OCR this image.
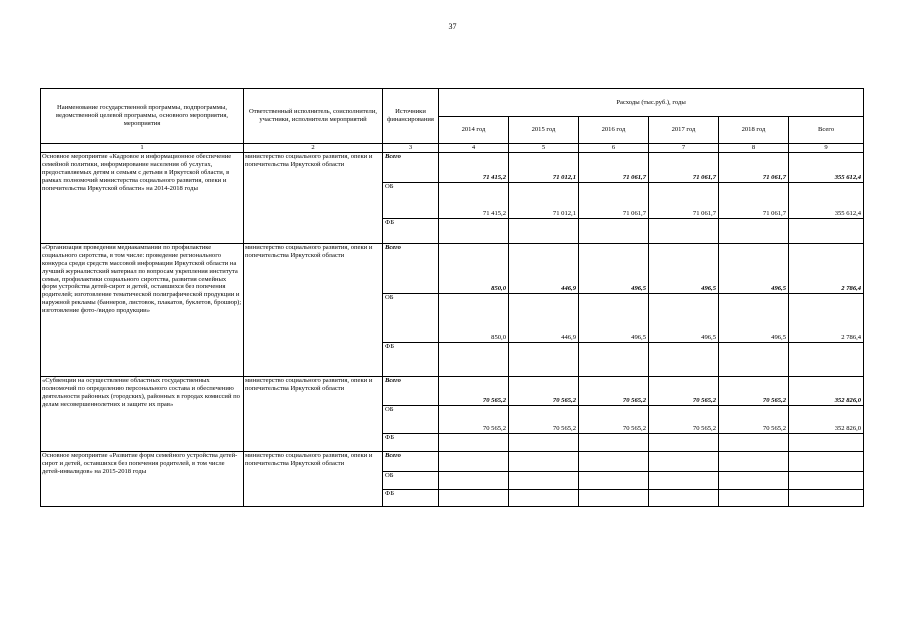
37
Наименование государственной программы, подпрограммы, ведомственной целевой программы, основного мероприятия, мероприятия	Ответственный исполнитель, соисполнители, участники, исполнители мероприятий	Источники финансирования	Расходы (тыс.руб.), годы					
			2014 год	2015 год	2016 год	2017 год	2018 год	Всего
1	2	3	4	5	6	7	8	9
Основное мероприятие «Кадровое и информационное обеспечение семейной политики, информирование населения об услугах, предоставляемых детям и семьям с детьми в Иркутской области, в рамках полномочий министерства социального развития, опеки и попечительства Иркутской области» на 2014-2018 годы	министерство социального развития, опеки и попечительства Иркутской области	Всего	71 415,2	71 012,1	71 061,7	71 061,7	71 061,7	355 612,4
		ОБ	71 415,2	71 012,1	71 061,7	71 061,7	71 061,7	355 612,4
		ФБ						
«Организация проведения медиакампании по профилактике социального сиротства, в том числе: проведение регионального конкурса среди средств массовой информации Иркутской области на лучший журналистский материал по вопросам укрепления института семьи, профилактики социального сиротства, развития семейных форм устройства детей-сирот и детей, оставшихся без попечения родителей; изготовление тематической полиграфической продукции и наружной рекламы (баннеров, листовок, плакатов, буклетов, брошюр); изготовление фото-/видео продукции»	министерство социального развития, опеки и попечительства Иркутской области	Всего	850,0	446,9	496,5	496,5	496,5	2 786,4
		ОБ	850,0	446,9	496,5	496,5	496,5	2 786,4
		ФБ						
«Субвенции на осуществление областных государственных полномочий по определению персонального состава и обеспечению деятельности районных (городских), районных в городах комиссий по делам несовершеннолетних и защите их прав»	министерство социального развития, опеки и попечительства Иркутской области	Всего	70 565,2	70 565,2	70 565,2	70 565,2	70 565,2	352 826,0
		ОБ	70 565,2	70 565,2	70 565,2	70 565,2	70 565,2	352 826,0
		ФБ						
Основное мероприятие «Развитие форм семейного устройства детей-сирот и детей, оставшихся без попечения родителей, в том числе детей-инвалидов» на 2015-2018 годы	министерство социального развития, опеки и попечительства Иркутской области	Всего						
		ОБ						
		ФБ						
